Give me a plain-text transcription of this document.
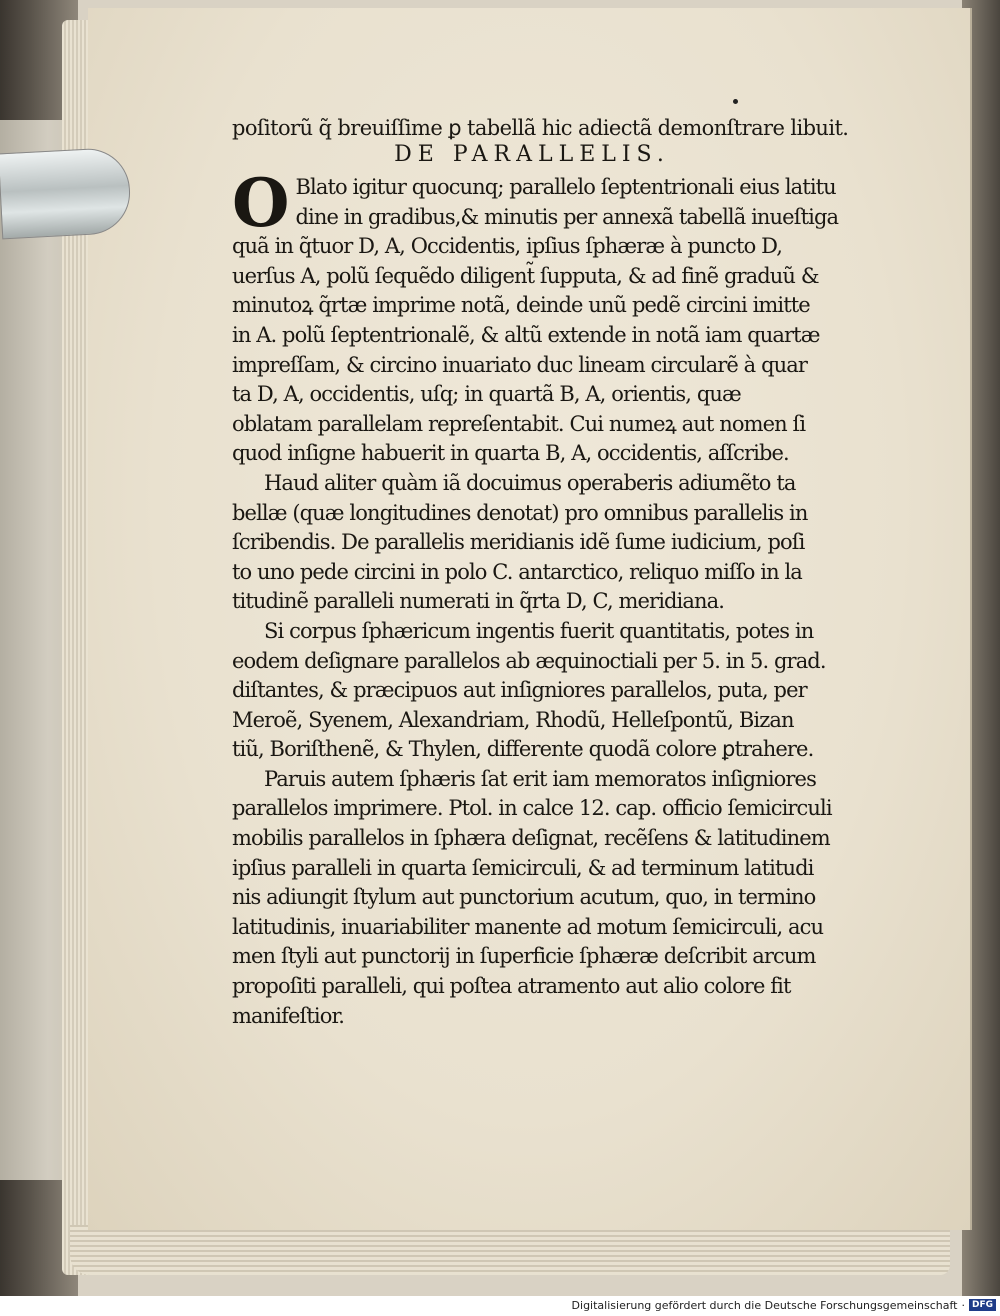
poſitorũ q̃ breuiſſime ꝑ tabellã hic adiectã demonſtrare libuit.
DE PARALLELIS.
O Blato igitur quocunq; parallelo ſeptentrionali eius latitu
dine in gradibus,& minutis per annexã tabellã inueſtiga
quã in q̃tuor D, A, Occidentis, ipſius ſphæræ à puncto D,
uerſus A, polũ ſequẽdo diligent̃ ſupputa, & ad finẽ graduũ &
minutoꝝ q̃rtæ imprime notã, deinde unũ pedẽ circini imitte
in A. polũ ſeptentrionalẽ, & altũ extende in notã iam quartæ
impreſſam, & circino inuariato duc lineam circularẽ à quar
ta D, A, occidentis, uſq; in quartã B, A, orientis, quæ
oblatam parallelam repreſentabit. Cui numeꝝ aut nomen ſi
quod inſigne habuerit in quarta B, A, occidentis, aſſcribe.
Haud aliter quàm iã docuimus operaberis adiumẽto ta
bellæ (quæ longitudines denotat) pro omnibus parallelis in
ſcribendis. De parallelis meridianis idẽ ſume iudicium, poſi
to uno pede circini in polo C. antarctico, reliquo miſſo in la
titudinẽ paralleli numerati in q̃rta D, C, meridiana.
Si corpus ſphæricum ingentis fuerit quantitatis, potes in
eodem deſignare parallelos ab æquinoctiali per 5. in 5. grad.
diſtantes, & præcipuos aut inſigniores parallelos, puta, per
Meroẽ, Syenem, Alexandriam, Rhodũ, Helleſpontũ, Bizan
tiũ, Boriſthenẽ, & Thylen, differente quodã colore ꝑtrahere.
Paruis autem ſphæris ſat erit iam memoratos inſigniores
parallelos imprimere. Ptol. in calce 12. cap. officio ſemicirculi
mobilis parallelos in ſphæra deſignat, recẽſens & latitudinem
ipſius paralleli in quarta ſemicirculi, & ad terminum latitudi
nis adiungit ſtylum aut punctorium acutum, quo, in termino
latitudinis, inuariabiliter manente ad motum ſemicirculi, acu
men ſtyli aut punctorij in ſuperficie ſphæræ deſcribit arcum
propoſiti paralleli, qui poſtea atramento aut alio colore fit
manifeſtior.
Digitalisierung gefördert durch die Deutsche Forschungsgemeinschaft · DFG
